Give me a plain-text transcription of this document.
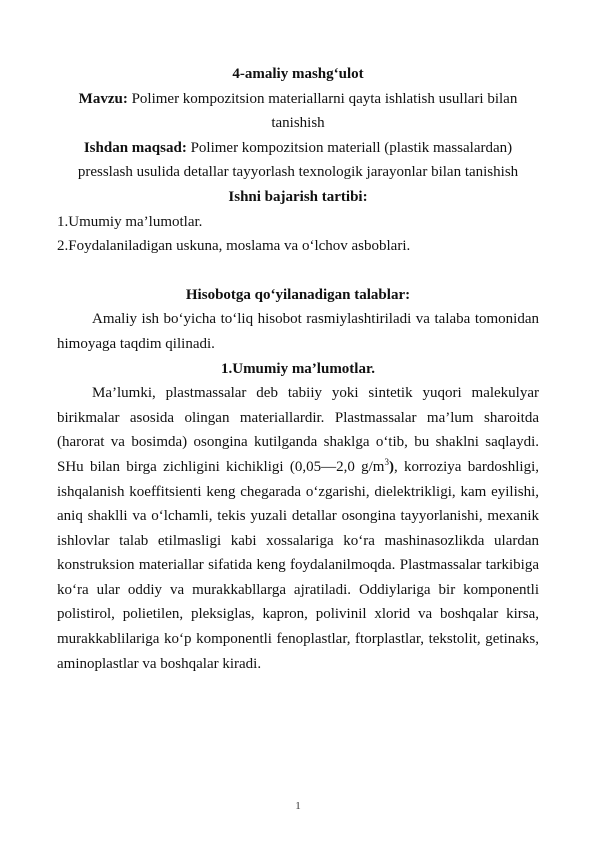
4-amaliy mashg‘ulot

Mavzu: Polimer kompozitsion materiallarni qayta ishlatish usullari bilan tanishish

Ishdan maqsad: Polimer kompozitsion materiall (plastik massalardan) presslash usulida detallar tayyorlash texnologik jarayonlar bilan tanishish

Ishni bajarish tartibi:

1.Umumiy ma’lumotlar.

2.Foydalaniladigan uskuna, moslama va o‘lchov asboblari.

Hisobotga qo‘yilanadigan talablar:

Amaliy ish bo‘yicha to‘liq hisobot rasmiylashtiriladi va talaba tomonidan himoyaga taqdim qilinadi.

1.Umumiy ma’lumotlar.

Ma’lumki, plastmassalar deb tabiiy yoki sintetik yuqori malekulyar birikmalar asosida olingan materiallardir. Plastmassalar ma’lum sharoitda (harorat va bosimda) osongina kutilganda shaklga o‘tib, bu shaklni saqlaydi. SHu bilan birga zichligini kichikligi (0,05—2,0 $g/m^3$), korroziya bardoshligi, ishqalanish koeffitsienti keng chegarada o‘zgarishi, dielektrikligi, kam eyilishi, aniq shaklli va o‘lchamli, tekis yuzali detallar osongina tayyorlanishi, mexanik ishlovlar talab etilmasligi kabi xossalariga ko‘ra mashinasozlikda ulardan konstruksion materiallar sifatida keng foydalanilmoqda. Plastmassalar tarkibiga ko‘ra ular oddiy va murakkabllarga ajratiladi. Oddiylariga bir komponentli polistirol, polietilen, pleksiglas, kapron, polivinil xlorid va boshqalar kirsa, murakkablilariga ko‘p komponentli fenoplastlar, ftorplastlar, tekstolit, getinaks, aminoplastlar va boshqalar kiradi.

1
